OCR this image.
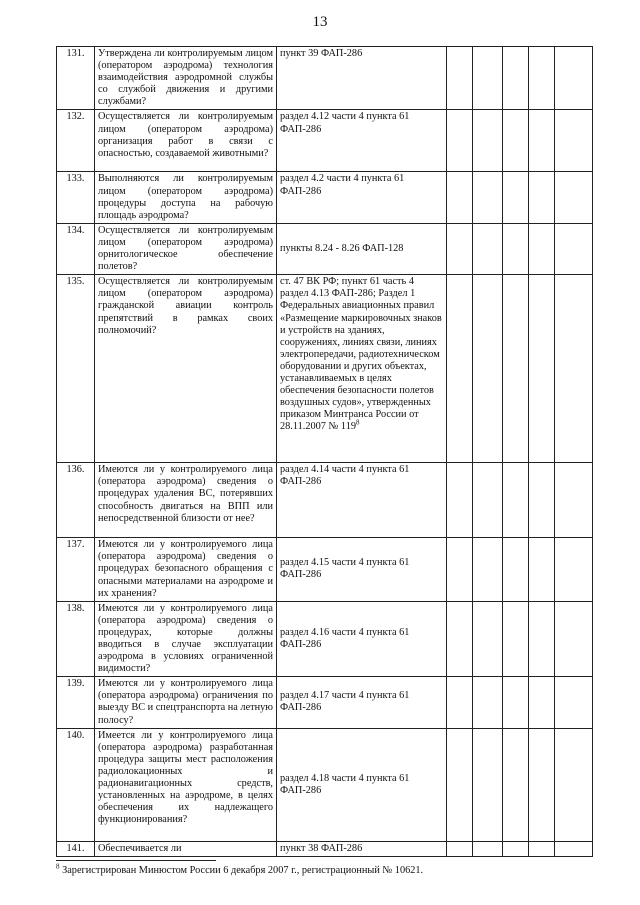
13
131.	Утверждена ли контролируемым лицом (оператором аэродрома) технология взаимодействия аэродромной службы со службой движения и другими службами?	пункт 39 ФАП-286					
132.	Осуществляется ли контролируемым лицом (оператором аэродрома) организация работ в связи с опасностью, создаваемой животными?	раздел 4.12 части 4 пункта 61 ФАП-286					
133.	Выполняются ли контролируемым лицом (оператором аэродрома) процедуры доступа на рабочую площадь аэродрома?	раздел 4.2 части 4 пункта 61 ФАП-286					
134.	Осуществляется ли контролируемым лицом (оператором аэродрома) орнитологическое обеспечение полетов?	пункты 8.24 - 8.26 ФАП-128					
135.	Осуществляется ли контролируемым лицом (оператором аэродрома) гражданской авиации контроль препятствий в рамках своих полномочий?	ст. 47 ВК РФ; пункт 61 часть 4 раздел 4.13 ФАП-286; Раздел 1 Федеральных авиационных правил «Размещение маркировочных знаков и устройств на зданиях, сооружениях, линиях связи, линиях электропередачи, радиотехническом оборудовании и других объектах, устанавливаемых в целях обеспечения безопасности полетов воздушных судов», утвержденных приказом Минтранса России от 28.11.2007 № $119^8$					
136.	Имеются ли у контролируемого лица (оператора аэродрома) сведения о процедурах удаления ВС, потерявших способность двигаться на ВПП или непосредственной близости от нее?	раздел 4.14 части 4 пункта 61 ФАП-286					
137.	Имеются ли у контролируемого лица (оператора аэродрома) сведения о процедурах безопасного обращения с опасными материалами на аэродроме и их хранения?	раздел 4.15 части 4 пункта 61 ФАП-286					
138.	Имеются ли у контролируемого лица (оператора аэродрома) сведения о процедурах, которые должны вводиться в случае эксплуатации аэродрома в условиях ограниченной видимости?	раздел 4.16 части 4 пункта 61 ФАП-286					
139.	Имеются ли у контролируемого лица (оператора аэродрома) ограничения по выезду ВС и спецтранспорта на летную полосу?	раздел 4.17 части 4 пункта 61 ФАП-286					
140.	Имеется ли у контролируемого лица (оператора аэродрома) разработанная процедура защиты мест расположения радиолокационных и радионавигационных средств, установленных на аэродроме, в целях обеспечения их надлежащего функционирования?	раздел 4.18 части 4 пункта 61 ФАП-286					
141.	Обеспечивается ли	пункт 38 ФАП-286					
$^8$ Зарегистрирован Минюстом России 6 декабря 2007 г., регистрационный № 10621.
